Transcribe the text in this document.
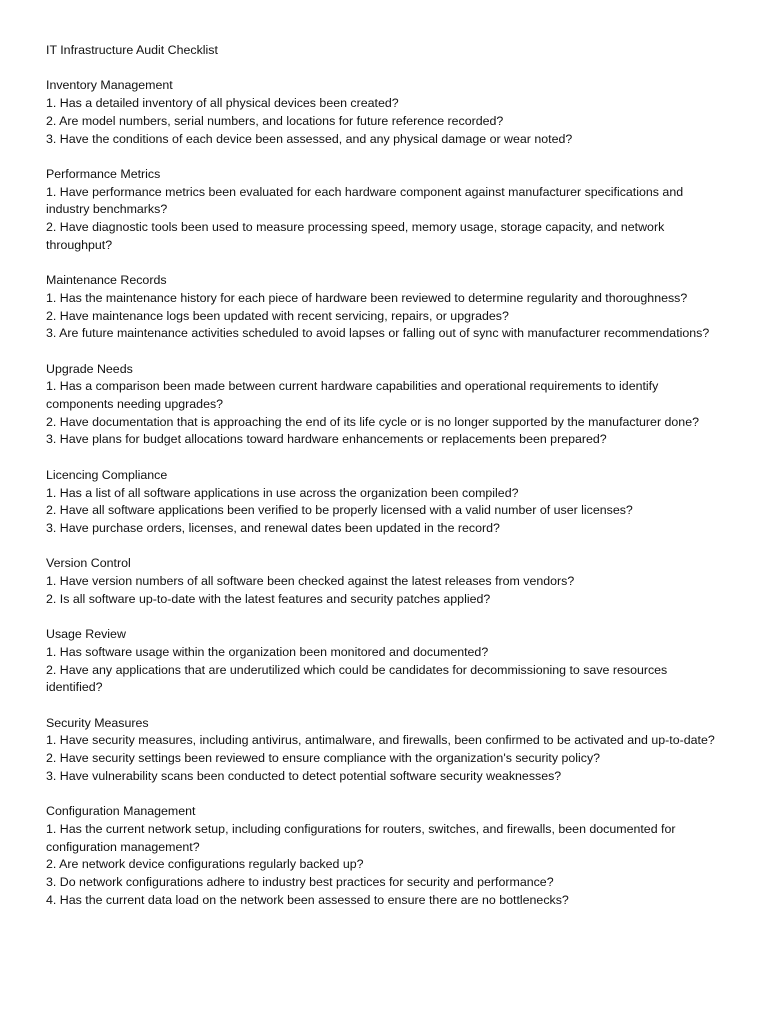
IT Infrastructure Audit Checklist
Inventory Management
1. Has a detailed inventory of all physical devices been created?
2. Are model numbers, serial numbers, and locations for future reference recorded?
3. Have the conditions of each device been assessed, and any physical damage or wear noted?
Performance Metrics
1. Have performance metrics been evaluated for each hardware component against manufacturer specifications and industry benchmarks?
2. Have diagnostic tools been used to measure processing speed, memory usage, storage capacity, and network throughput?
Maintenance Records
1. Has the maintenance history for each piece of hardware been reviewed to determine regularity and thoroughness?
2. Have maintenance logs been updated with recent servicing, repairs, or upgrades?
3. Are future maintenance activities scheduled to avoid lapses or falling out of sync with manufacturer recommendations?
Upgrade Needs
1. Has a comparison been made between current hardware capabilities and operational requirements to identify components needing upgrades?
2. Have documentation that is approaching the end of its life cycle or is no longer supported by the manufacturer done?
3. Have plans for budget allocations toward hardware enhancements or replacements been prepared?
Licencing Compliance
1. Has a list of all software applications in use across the organization been compiled?
2. Have all software applications been verified to be properly licensed with a valid number of user licenses?
3. Have purchase orders, licenses, and renewal dates been updated in the record?
Version Control
1. Have version numbers of all software been checked against the latest releases from vendors?
2. Is all software up-to-date with the latest features and security patches applied?
Usage Review
1. Has software usage within the organization been monitored and documented?
2. Have any applications that are underutilized which could be candidates for decommissioning to save resources identified?
Security Measures
1. Have security measures, including antivirus, antimalware, and firewalls, been confirmed to be activated and up-to-date?
2. Have security settings been reviewed to ensure compliance with the organization's security policy?
3. Have vulnerability scans been conducted to detect potential software security weaknesses?
Configuration Management
1. Has the current network setup, including configurations for routers, switches, and firewalls, been documented for configuration management?
2. Are network device configurations regularly backed up?
3. Do network configurations adhere to industry best practices for security and performance?
4. Has the current data load on the network been assessed to ensure there are no bottlenecks?
